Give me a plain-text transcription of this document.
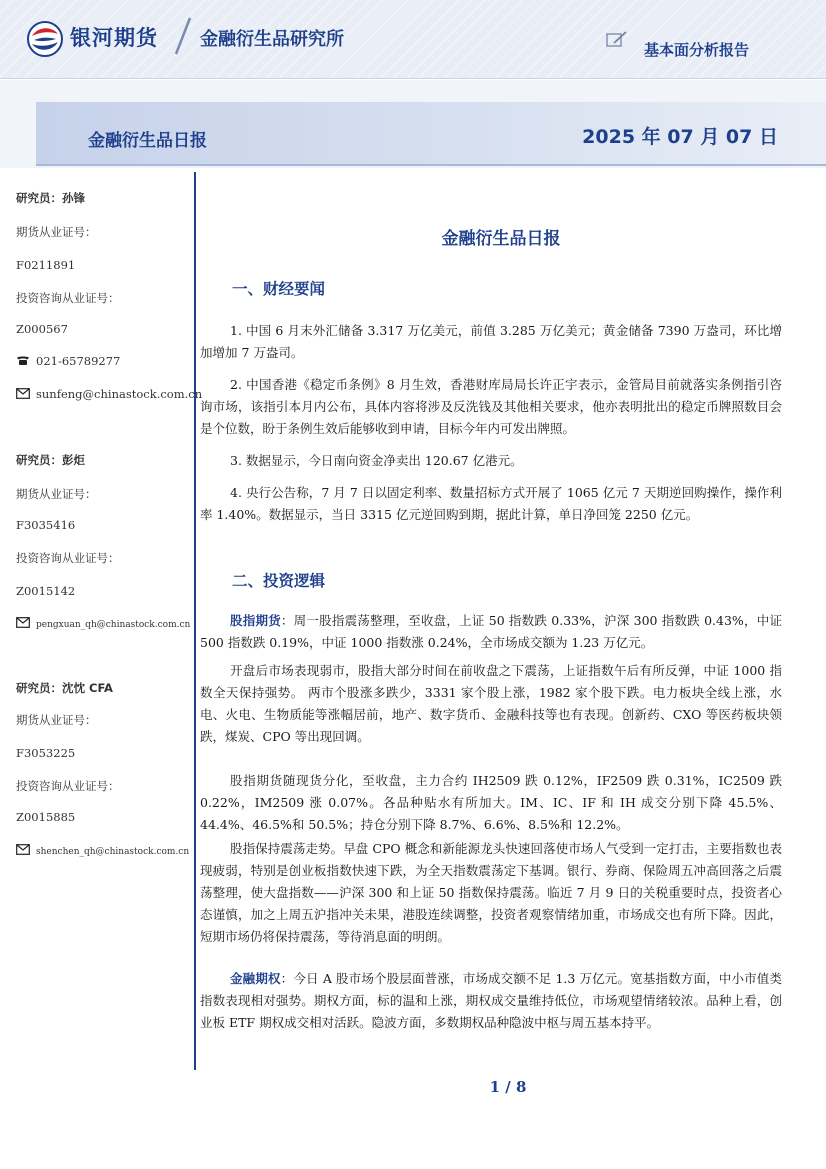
银河期货 金融衍生品研究所	基本面分析报告
金融衍生品日报	2025 年 07 月 07 日
研究员：孙锋
期货从业证号：
F0211891
投资咨询从业证号：
Z000567
021-65789277
sunfeng@chinastock.com.cn
研究员：彭炬
期货从业证号：
F3035416
投资咨询从业证号：
Z0015142
pengxuan_qh@chinastock.com.cn
研究员：沈忱 CFA
期货从业证号：
F3053225
投资咨询从业证号：
Z0015885
shenchen_qh@chinastock.com.cn
金融衍生品日报
一、财经要闻

1. 中国 6 月末外汇储备 3.317 万亿美元，前值 3.285 万亿美元；黄金储备 7390 万盎司，环比增加增加 7 万盎司。

2. 中国香港《稳定币条例》8 月生效，香港财库局局长许正宇表示，金管局目前就落实条例指引咨询市场，该指引本月内公布，具体内容将涉及反洗钱及其他相关要求，他亦表明批出的稳定币牌照数目会是个位数，盼于条例生效后能够收到申请，目标今年内可发出牌照。

3. 数据显示，今日南向资金净卖出 120.67 亿港元。

4. 央行公告称，7 月 7 日以固定利率、数量招标方式开展了 1065 亿元 7 天期逆回购操作，操作利率 1.40%。数据显示，当日 3315 亿元逆回购到期，据此计算，单日净回笼 2250 亿元。

二、投资逻辑

股指期货：周一股指震荡整理，至收盘，上证 50 指数跌 0.33%，沪深 300 指数跌 0.43%，中证 500 指数跌 0.19%，中证 1000 指数涨 0.24%，全市场成交额为 1.23 万亿元。

开盘后市场表现弱市，股指大部分时间在前收盘之下震荡，上证指数午后有所反弹，中证 1000 指数全天保持强势。 两市个股涨多跌少，3331 家个股上涨，1982 家个股下跌。电力板块全线上涨，水电、火电、生物质能等涨幅居前，地产、数字货币、金融科技等也有表现。创新药、CXO 等医药板块领跌，煤炭、CPO 等出现回调。

股指期货随现货分化，至收盘，主力合约 IH2509 跌 0.12%，IF2509 跌 0.31%，IC2509 跌 0.22%，IM2509 涨 0.07%。各品种贴水有所加大。IM、IC、IF 和 IH 成交分别下降 45.5%、44.4%、46.5%和 50.5%；持仓分别下降 8.7%、6.6%、8.5%和 12.2%。

股指保持震荡走势。早盘 CPO 概念和新能源龙头快速回落使市场人气受到一定打击，主要指数也表现疲弱，特别是创业板指数快速下跌，为全天指数震荡定下基调。银行、券商、保险周五冲高回落之后震荡整理，使大盘指数——沪深 300 和上证 50 指数保持震荡。临近 7 月 9 日的关税重要时点，投资者心态谨慎，加之上周五沪指冲关未果，港股连续调整，投资者观察情绪加重，市场成交也有所下降。因此，短期市场仍将保持震荡，等待消息面的明朗。

金融期权：今日 A 股市场个股层面普涨，市场成交额不足 1.3 万亿元。宽基指数方面，中小市值类指数表现相对强势。期权方面，标的温和上涨，期权成交量维持低位，市场观望情绪较浓。品种上看，创业板 ETF 期权成交相对活跃。隐波方面，多数期权品种隐波中枢与周五基本持平。

1 / 8
